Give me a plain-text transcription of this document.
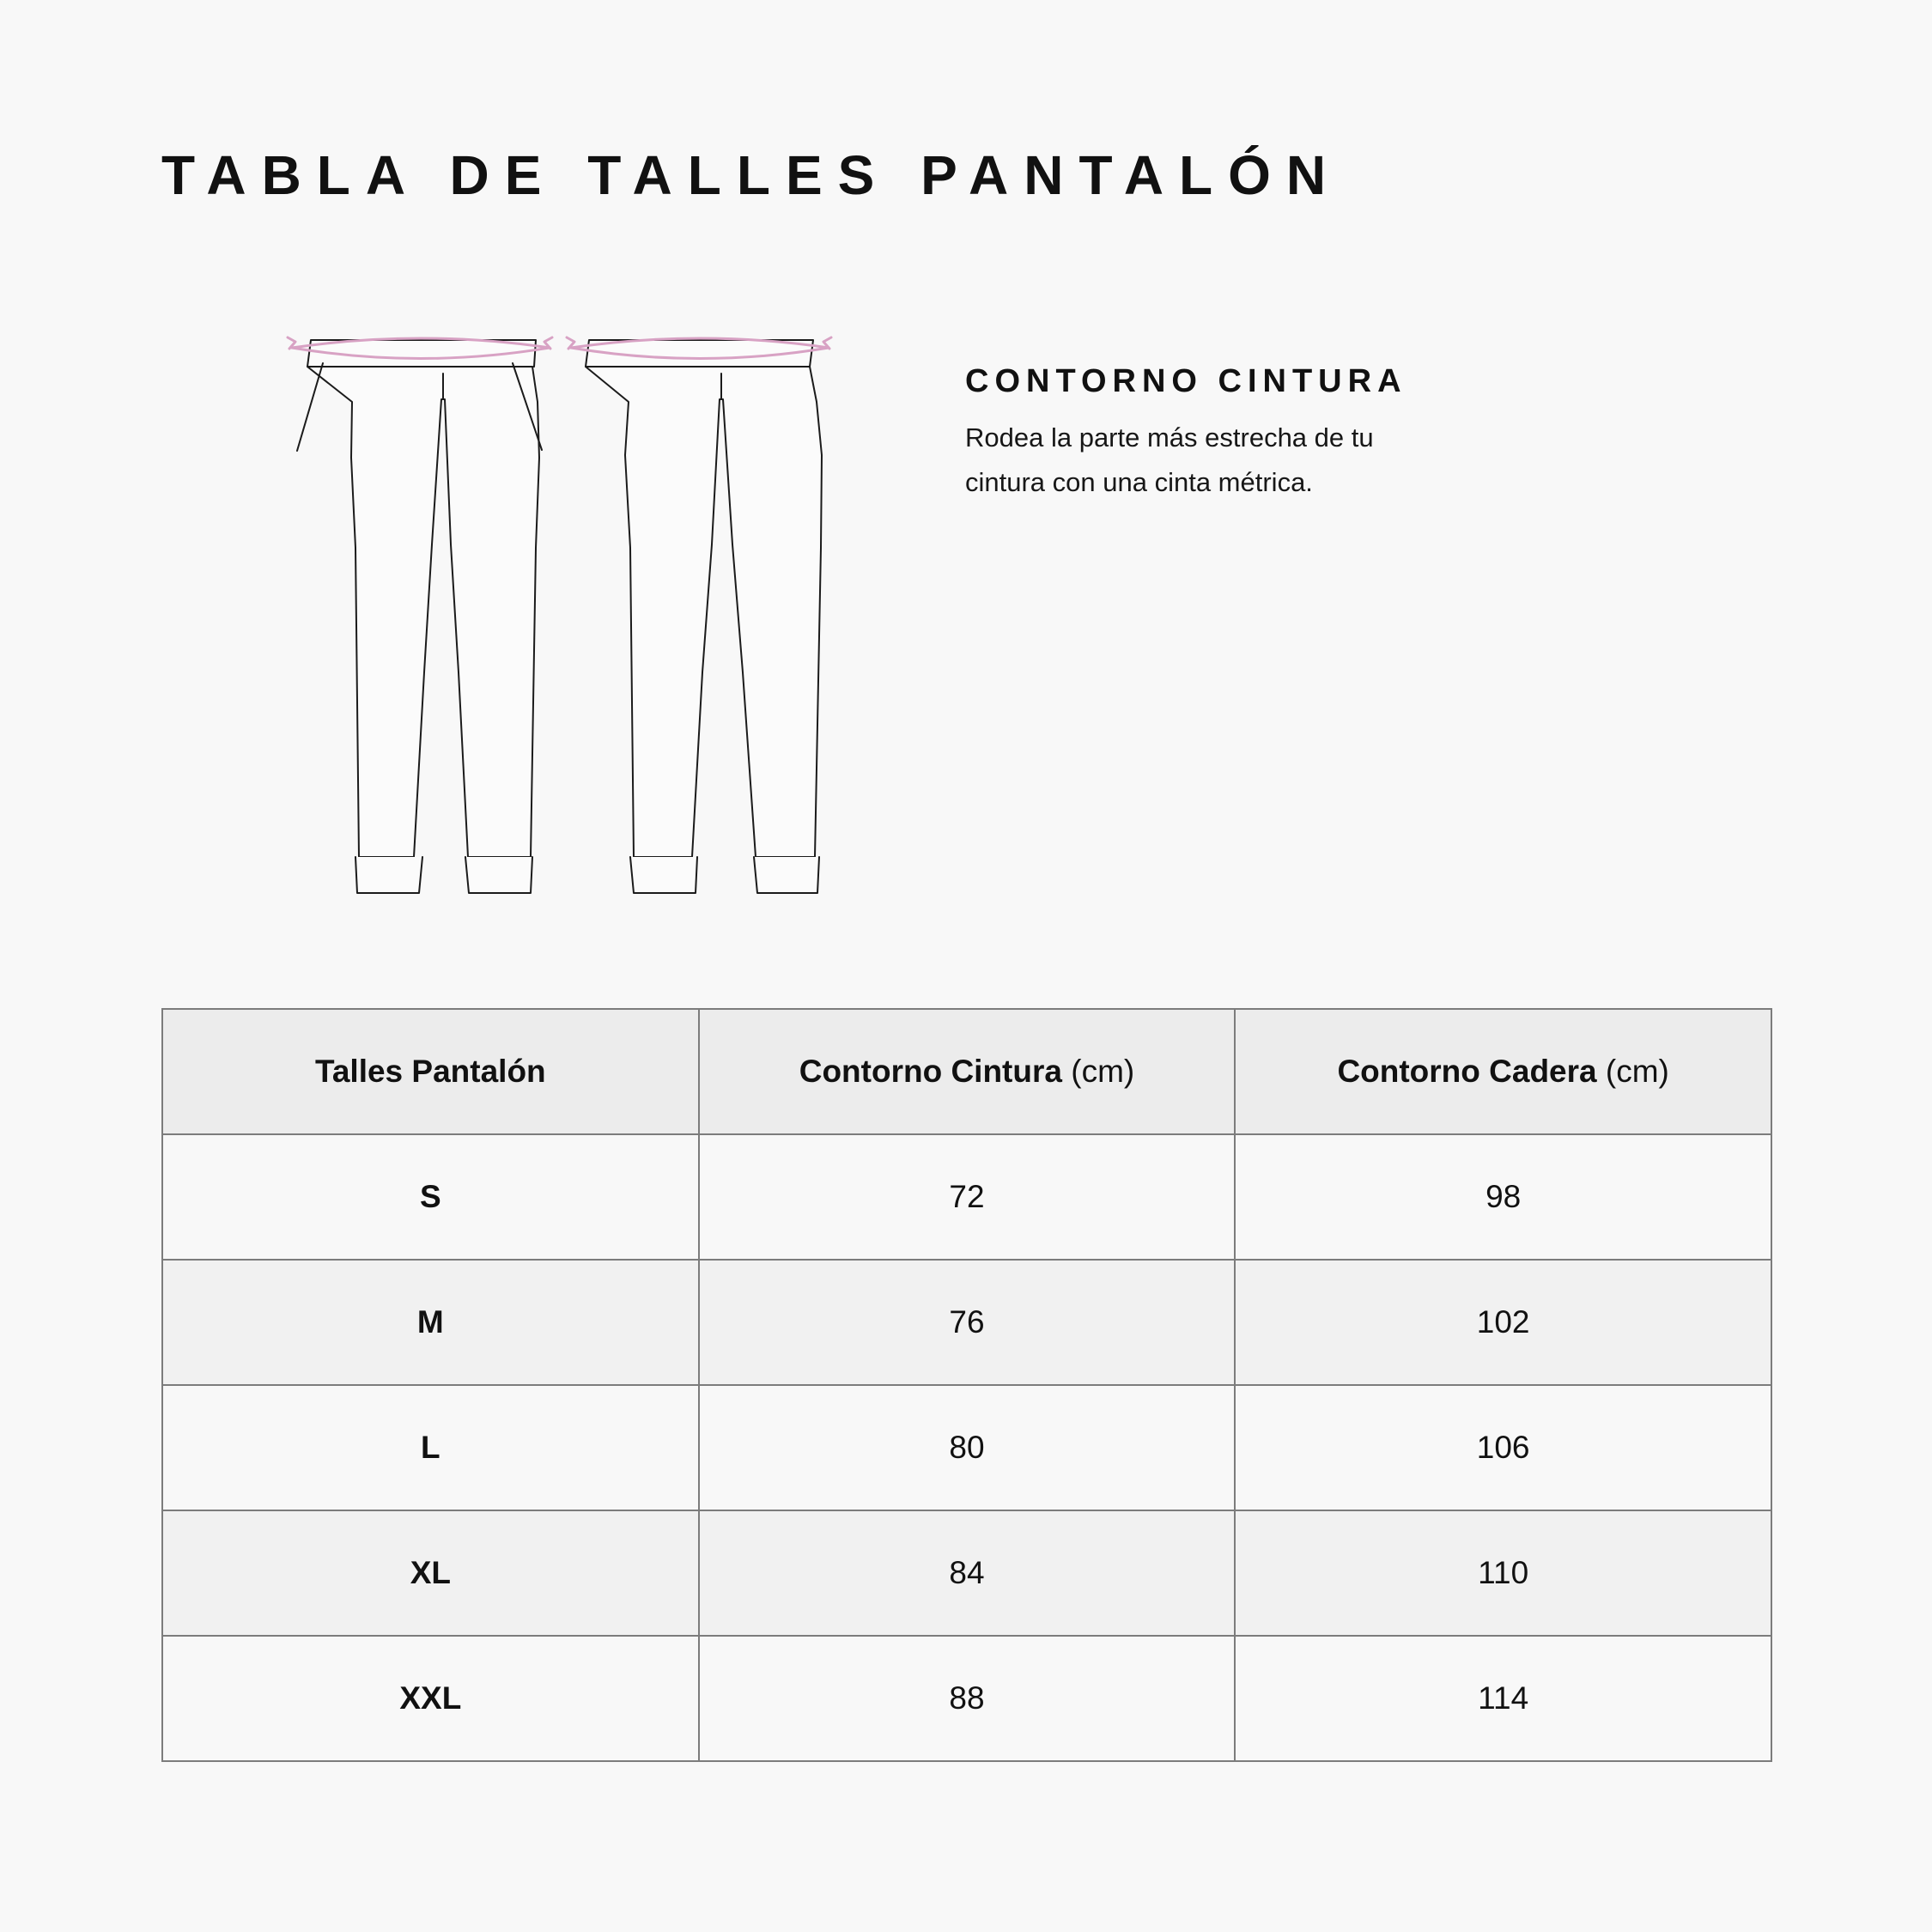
TABLA DE TALLES PANTALÓN
CONTORNO CINTURA

Rodea la parte más estrecha de tu
cintura con una cinta métrica.

Talles Pantalón	Contorno Cintura (cm)	Contorno Cadera (cm)
S	72	98
M	76	102
L	80	106
XL	84	110
XXL	88	114
